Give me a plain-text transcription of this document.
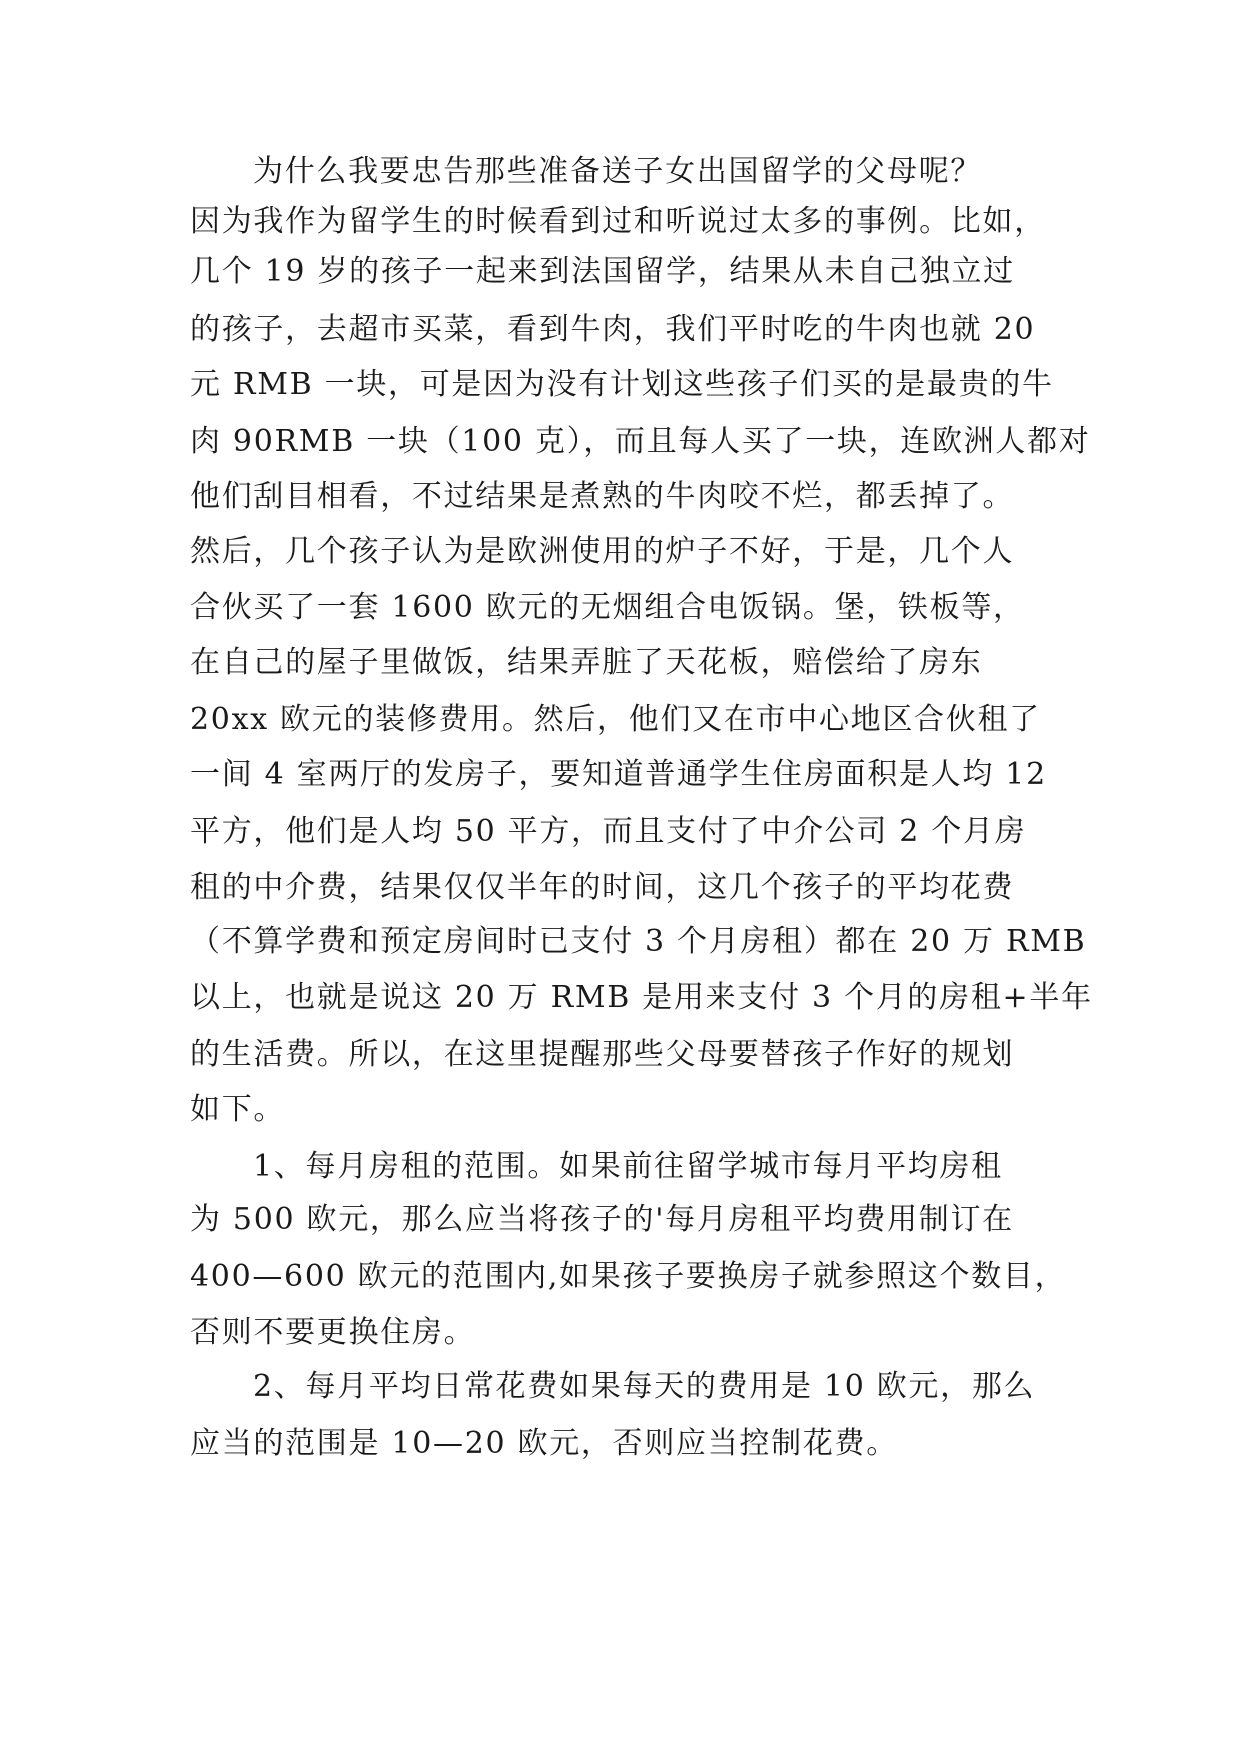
为什么我要忠告那些准备送子女出国留学的父母呢？
因为我作为留学生的时候看到过和听说过太多的事例。比如，
几个 19 岁的孩子一起来到法国留学，结果从未自己独立过
的孩子，去超市买菜，看到牛肉，我们平时吃的牛肉也就 20
元 RMB 一块，可是因为没有计划这些孩子们买的是最贵的牛
肉 90RMB 一块（100 克），而且每人买了一块，连欧洲人都对
他们刮目相看，不过结果是煮熟的牛肉咬不烂，都丢掉了。
然后，几个孩子认为是欧洲使用的炉子不好，于是，几个人
合伙买了一套 1600 欧元的无烟组合电饭锅。堡，铁板等，
在自己的屋子里做饭，结果弄脏了天花板，赔偿给了房东
20xx 欧元的装修费用。然后，他们又在市中心地区合伙租了
一间 4 室两厅的发房子，要知道普通学生住房面积是人均 12
平方，他们是人均 50 平方，而且支付了中介公司 2 个月房
租的中介费，结果仅仅半年的时间，这几个孩子的平均花费
（不算学费和预定房间时已支付 3 个月房租）都在 20 万 RMB
以上，也就是说这 20 万 RMB 是用来支付 3 个月的房租+半年
的生活费。所以，在这里提醒那些父母要替孩子作好的规划
如下。
1、每月房租的范围。如果前往留学城市每月平均房租
为 500 欧元，那么应当将孩子的'每月房租平均费用制订在
400—600 欧元的范围内,如果孩子要换房子就参照这个数目，
否则不要更换住房。
2、每月平均日常花费如果每天的费用是 10 欧元，那么
应当的范围是 10—20 欧元，否则应当控制花费。
